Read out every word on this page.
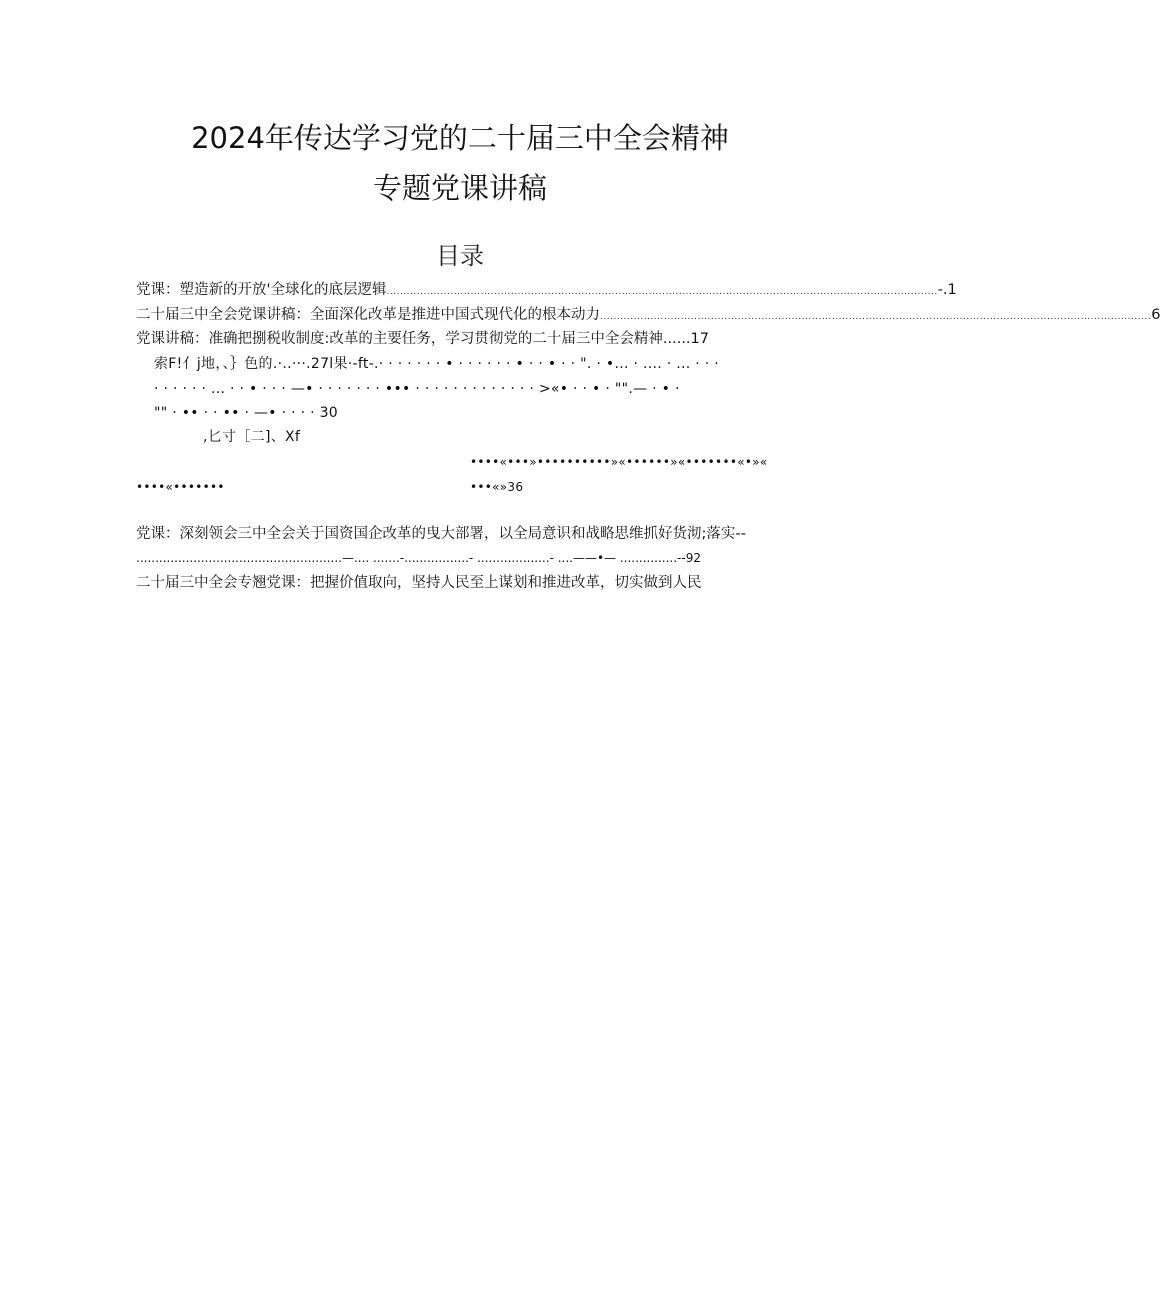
2024年传达学习党的二十届三中全会精神
专题党课讲稿
目录
党课：塑造新的开放'全球化的底层逻辑 .................................................................................................................................................................... -.1
二十届三中全会党课讲稿：全面深化改革是推进中国式现代化的根本动力 .................................................................................................................................................................... 6
党课讲稿：准确把捌税收制度:改革的主要任务，学习贯彻党的二十届三中全会精神......17
索F!亻j地，、｝色的.·..···.27l果·-ft-.· · · · · · · • · · · · · · • · · • · · ". · •... · .... · ... · · ·
· · · · · · ... · · • · · · —• · · · · · · · ••• · · · · · · · · · · · · · >«• · · • · "".— · • ·
"" · •• · · •• · —• · · · · 30
,匕寸［二]、Xf
••••«•••»••••••••••»«••••••»«•••••••«•»«
••••«•••••••	•••«»36
党课：深刻领会三中全会关于国资国企改革的曳大部署，以全局意识和战略思维抓好货沏;落实--
......................................................—.... .......-.................- ...................- ....——•— ...............--92
二十届三中全会专翘党课：把握价值取向，坚持人民至上谋划和推进改革，切实做到人民
